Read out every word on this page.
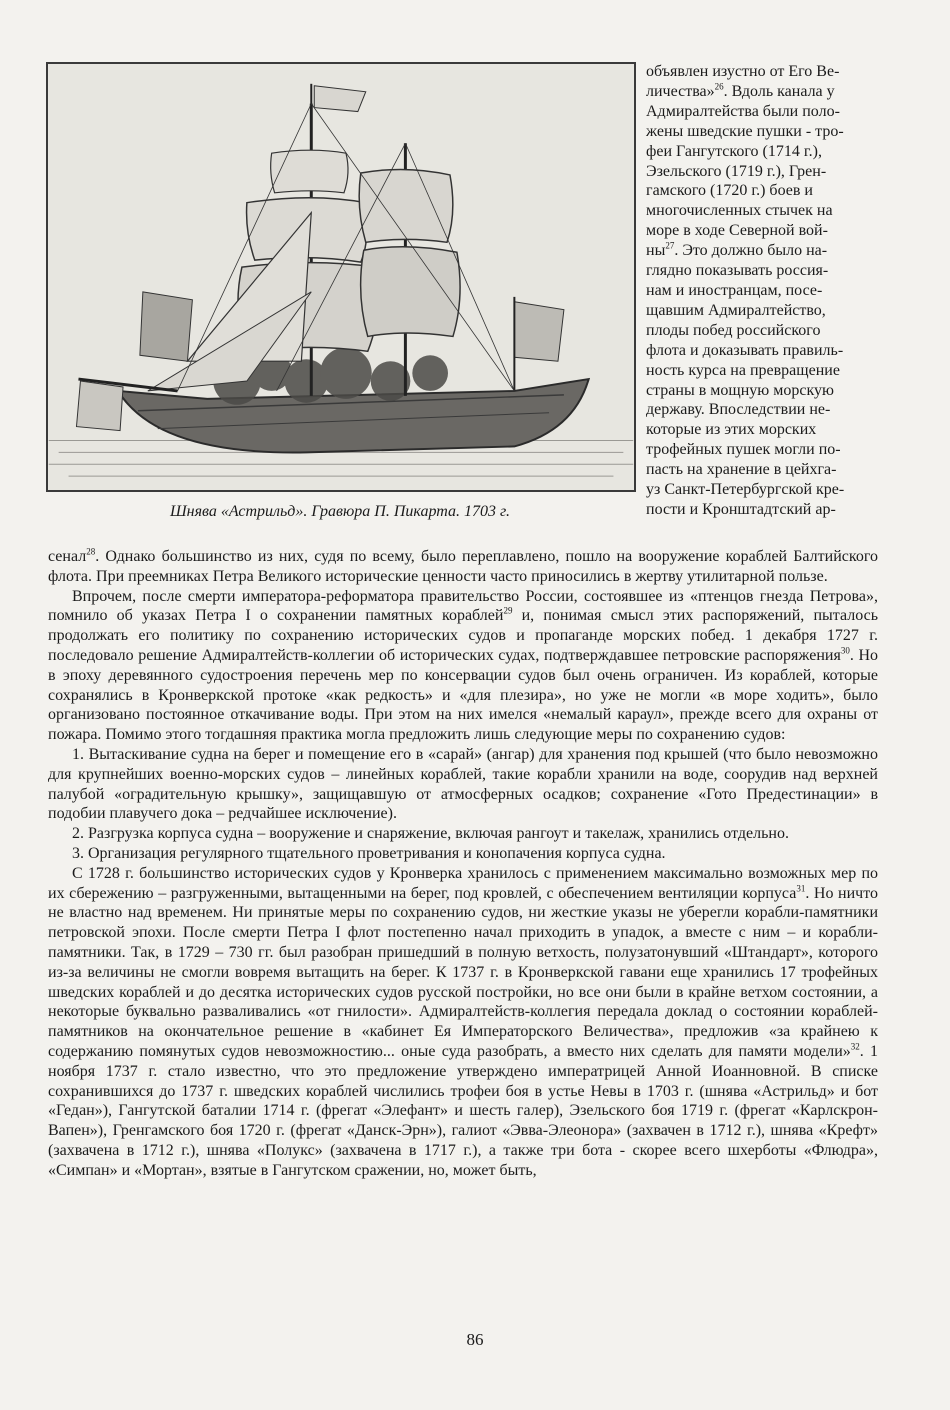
Шнява «Астрильд». Гравюра П. Пикарта. 1703 г.
объявлен изустно от Его Ве-
личества»$^{26}$. Вдоль канала у
Адмиралтейства были поло-
жены шведские пушки - тро-
феи Гангутского (1714 г.),
Эзельского (1719 г.), Грен-
гамского (1720 г.) боев и
многочисленных стычек на
море в ходе Северной вой-
$ны^{27}$. Это должно было на-
глядно показывать россия-
нам и иностранцам, посе-
щавшим Адмиралтейство,
плоды побед российского
флота и доказывать правиль-
ность курса на превращение
страны в мощную морскую
державу. Впоследствии не-
которые из этих морских
трофейных пушек могли по-
пасть на хранение в цейхга-
уз Санкт-Петербургской кре-
пости и Кронштадтский ар-

сенал$^{28}$. Однако большинство из них, судя по всему, было переплавлено, пошло на вооружение кораблей Балтийского флота. При преемниках Петра Великого исторические ценности часто приносились в жертву утилитарной пользе.

Впрочем, после смерти императора-реформатора правительство России, состоявшее из «птенцов гнезда Петрова», помнило об указах Петра I о сохранении памятных кораблей$^{29}$ и, понимая смысл этих распоряжений, пыталось продолжать его политику по сохранению исторических судов и пропаганде морских побед. 1 декабря 1727 г. последовало решение Адмиралтейств-коллегии об исторических судах, подтверждавшее петровские распоряжения$^{30}$. Но в эпоху деревянного судостроения перечень мер по консервации судов был очень ограничен. Из кораблей, которые сохранялись в Кронверкской протоке «как редкость» и «для плезира», но уже не могли «в море ходить», было организовано постоянное откачивание воды. При этом на них имелся «немалый караул», прежде всего для охраны от пожара. Помимо этого тогдашняя практика могла предложить лишь следующие меры по сохранению судов:

1. Вытаскивание судна на берег и помещение его в «сарай» (ангар) для хранения под крышей (что было невозможно для крупнейших военно-морских судов – линейных кораблей, такие корабли хранили на воде, соорудив над верхней палубой «оградительную крышку», защищавшую от атмосферных осадков; сохранение «Гото Предестинации» в подобии плавучего дока – редчайшее исключение).

2. Разгрузка корпуса судна – вооружение и снаряжение, включая рангоут и такелаж, хранились отдельно.

3. Организация регулярного тщательного проветривания и конопачения корпуса судна.

С 1728 г. большинство исторических судов у Кронверка хранилось с применением максимально возможных мер по их сбережению – разгруженными, вытащенными на берег, под кровлей, с обеспечением вентиляции корпуса$^{31}$. Но ничто не властно над временем. Ни принятые меры по сохранению судов, ни жесткие указы не уберегли корабли-памятники петровской эпохи. После смерти Петра I флот постепенно начал приходить в упадок, а вместе с ним – и корабли-памятники. Так, в 1729 – 730 гг. был разобран пришедший в полную ветхость, полузатонувший «Штандарт», которого из-за величины не смогли вовремя вытащить на берег. К 1737 г. в Кронверкской гавани еще хранились 17 трофейных шведских кораблей и до десятка исторических судов русской постройки, но все они были в крайне ветхом состоянии, а некоторые буквально разваливались «от гнилости». Адмиралтейств-коллегия передала доклад о состоянии кораблей-памятников на окончательное решение в «кабинет Ея Императорского Величества», предложив «за крайнею к содержанию помянутых судов невозможностию... оные суда разобрать, а вместо них сделать для памяти модели»$^{32}$. 1 ноября 1737 г. стало известно, что это предложение утверждено императрицей Анной Иоанновной. В списке сохранившихся до 1737 г. шведских кораблей числились трофеи боя в устье Невы в 1703 г. (шнява «Астрильд» и бот «Гедан»), Гангутской баталии 1714 г. (фрегат «Элефант» и шесть галер), Эзельского боя 1719 г. (фрегат «Карлскрон-Вапен»), Гренгамского боя 1720 г. (фрегат «Данск-Эрн»), галиот «Эвва-Элеонора» (захвачен в 1712 г.), шнява «Крефт» (захвачена в 1712 г.), шнява «Полукс» (захвачена в 1717 г.), а также три бота - скорее всего шхерботы «Флюдра», «Симпан» и «Мортан», взятые в Гангутском сражении, но, может быть,

86
